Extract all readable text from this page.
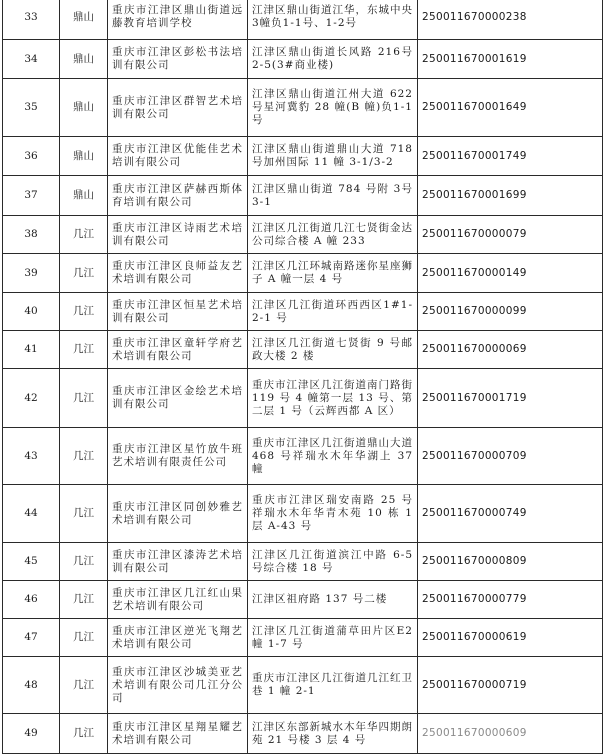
33	鼎山	重庆市江津区鼎山街道远藤教育培训学校	江津区鼎山街道江华，东城中央3幢负1-1号、1-2号	250011670000238
34	鼎山	重庆市江津区彭松书法培训有限公司	江津区鼎山街道长风路 216号2-5(3#商业楼)	250011670001619
35	鼎山	重庆市江津区群智艺术培训有限公司	江津区鼎山街道江州大道 622号星河冀豹 28 幢(B 幢)负1-1号	250011670001649
36	鼎山	重庆市江津区优能佳艺术培训有限公司	江津区鼎山街道鼎山大道 718号加州国际 11 幢 3-1/3-2	250011670001749
37	鼎山	重庆市江津区萨赫西斯体育培训有限公司	江津区鼎山街道 784 号附 3号 3-1	250011670001699
38	几江	重庆市江津区诗雨艺术培训有限公司	江津区几江街道几江七贤街金达公司综合楼 A 幢 233	250011670000079
39	几江	重庆市江津区良师益友艺术培训有限公司	江津区几江环城南路迷你星座狮子 A 幢一层 4 号	250011670000149
40	几江	重庆市江津区恒星艺术培训有限公司	江津区几江街道环西西区1#1-2-1 号	250011670000099
41	几江	重庆市江津区童轩学府艺术培训有限公司	江津区几江街道七贤街 9 号邮政大楼 2 楼	250011670000069
42	几江	重庆市江津区金绘艺术培训有限公司	重庆市江津区几江街道南门路街 119 号 4 幢第一层 13 号、第二层 1 号（云辉西都 A 区）	250011670001719
43	几江	重庆市江津区星竹放牛班艺术培训有限责任公司	重庆市江津区几江街道鼎山大道 468 号祥瑞水木年华湖上 37 幢	250011670000709
44	几江	重庆市江津区同创妙雅艺术培训有限公司	重庆市江津区瑞安南路 25 号祥瑞水木年华青木苑 10 栋 1层 A-43 号	250011670000749
45	几江	重庆市江津区漆涛艺术培训有限公司	江津区几江街道滨江中路 6-5号综合楼 18 号	250011670000809
46	几江	重庆市江津区几江红山果艺术培训有限公司	江津区祖府路 137 号二楼	250011670000779
47	几江	重庆市江津区逆光飞翔艺术培训有限公司	江津区几江街道蒲草田片区E2 幢 1-7 号	250011670000619
48	几江	重庆市江津区沙城美亚艺术培训有限公司几江分公司	重庆市江津区几江街道几江红卫巷 1 幢 2-1	250011670000719
49	几江	重庆市江津区星翔星耀艺术培训有限公司	江津区东部新城水木年华四期朗苑 21 号楼 3 层 4 号	250011670000609
